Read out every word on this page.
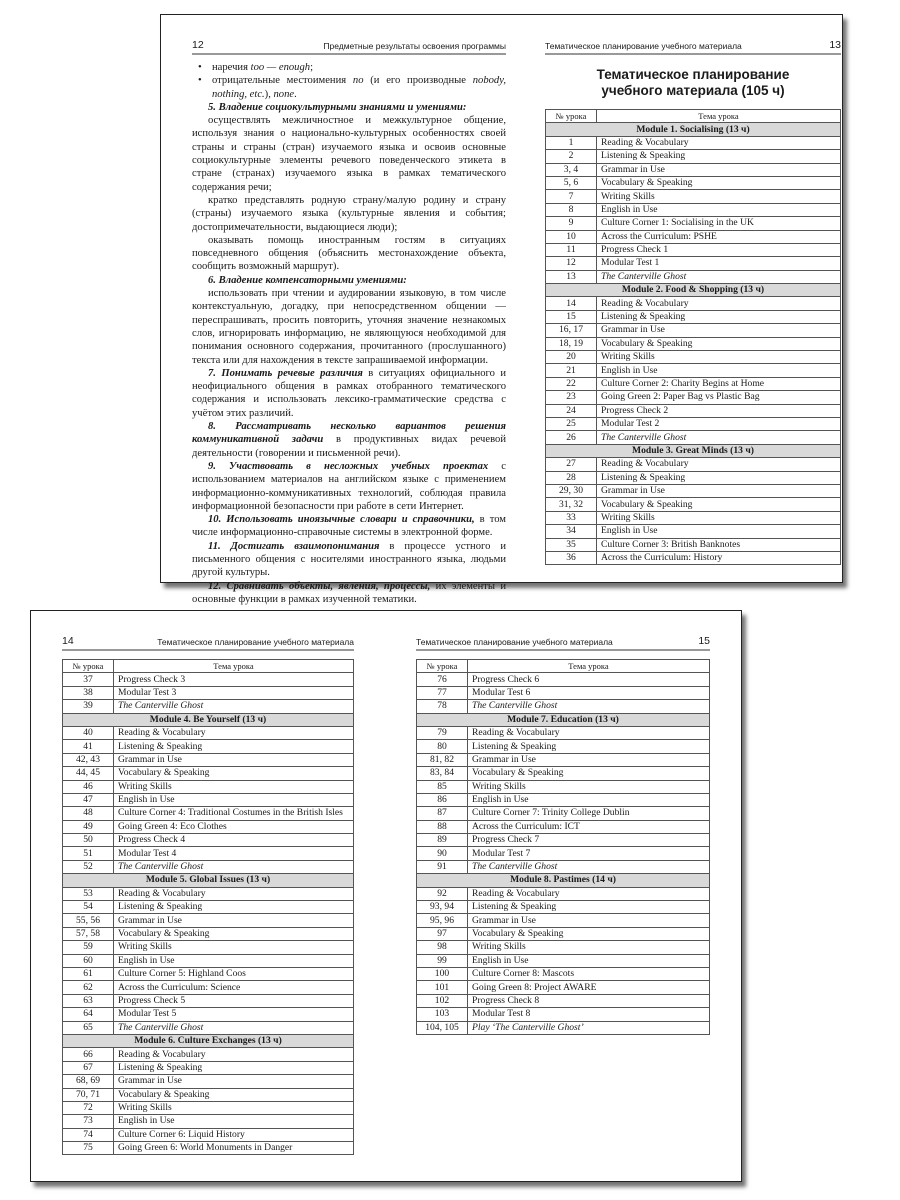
12	Предметные результаты освоения программы

• наречия too — enough;

• отрицательные местоимения no (и его производные nobody, nothing, etc.), none.

5. Владение социокультурными знаниями и умениями:

осуществлять межличностное и межкультурное общение, используя знания о национально-культурных особенностях своей страны и страны (стран) изучаемого языка и освоив основные социокультурные элементы речевого поведенческого этикета в стране (странах) изучаемого языка в рамках тематического содержания речи;

кратко представлять родную страну/малую родину и страну (страны) изучаемого языка (культурные явления и события; достопримечательности, выдающиеся люди);

оказывать помощь иностранным гостям в ситуациях повседневного общения (объяснить местонахождение объекта, сообщить возможный маршрут).

6. Владение компенсаторными умениями:

использовать при чтении и аудировании языковую, в том числе контекстуальную, догадку, при непосредственном общении — переспрашивать, просить повторить, уточняя значение незнакомых слов, игнорировать информацию, не являющуюся необходимой для понимания основного содержания, прочитанного (прослушанного) текста или для нахождения в тексте запрашиваемой информации.

7. Понимать речевые различия в ситуациях официального и неофициального общения в рамках отобранного тематического содержания и использовать лексико-грамматические средства с учётом этих различий.

8. Рассматривать несколько вариантов решения коммуникативной задачи в продуктивных видах речевой деятельности (говорении и письменной речи).

9. Участвовать в несложных учебных проектах с использованием материалов на английском языке с применением информационно-коммуникативных технологий, соблюдая правила информационной безопасности при работе в сети Интернет.

10. Использовать иноязычные словари и справочники, в том числе информационно-справочные системы в электронной форме.

11. Достигать взаимопонимания в процессе устного и письменного общения с носителями иностранного языка, людьми другой культуры.

12. Сравнивать объекты, явления, процессы, их элементы и основные функции в рамках изученной тематики.

Тематическое планирование учебного материала	13
Тематическое планирование
учебного материала (105 ч)
№ урока	Тема урока
Module 1. Socialising (13 ч)	
1	Reading & Vocabulary
2	Listening & Speaking
3, 4	Grammar in Use
5, 6	Vocabulary & Speaking
7	Writing Skills
8	English in Use
9	Culture Corner 1: Socialising in the UK
10	Across the Curriculum: PSHE
11	Progress Check 1
12	Modular Test 1
13	The Canterville Ghost
Module 2. Food & Shopping (13 ч)	
14	Reading & Vocabulary
15	Listening & Speaking
16, 17	Grammar in Use
18, 19	Vocabulary & Speaking
20	Writing Skills
21	English in Use
22	Culture Corner 2: Charity Begins at Home
23	Going Green 2: Paper Bag vs Plastic Bag
24	Progress Check 2
25	Modular Test 2
26	The Canterville Ghost
Module 3. Great Minds (13 ч)	
27	Reading & Vocabulary
28	Listening & Speaking
29, 30	Grammar in Use
31, 32	Vocabulary & Speaking
33	Writing Skills
34	English in Use
35	Culture Corner 3: British Banknotes
36	Across the Curriculum: History
14	Тематическое планирование учебного материала
№ урока	Тема урока
37	Progress Check 3
38	Modular Test 3
39	The Canterville Ghost
Module 4. Be Yourself (13 ч)	
40	Reading & Vocabulary
41	Listening & Speaking
42, 43	Grammar in Use
44, 45	Vocabulary & Speaking
46	Writing Skills
47	English in Use
48	Culture Corner 4: Traditional Costumes in the British Isles
49	Going Green 4: Eco Clothes
50	Progress Check 4
51	Modular Test 4
52	The Canterville Ghost
Module 5. Global Issues (13 ч)	
53	Reading & Vocabulary
54	Listening & Speaking
55, 56	Grammar in Use
57, 58	Vocabulary & Speaking
59	Writing Skills
60	English in Use
61	Culture Corner 5: Highland Coos
62	Across the Curriculum: Science
63	Progress Check 5
64	Modular Test 5
65	The Canterville Ghost
Module 6. Culture Exchanges (13 ч)	
66	Reading & Vocabulary
67	Listening & Speaking
68, 69	Grammar in Use
70, 71	Vocabulary & Speaking
72	Writing Skills
73	English in Use
74	Culture Corner 6: Liquid History
75	Going Green 6: World Monuments in Danger
Тематическое планирование учебного материала	15
№ урока	Тема урока
76	Progress Check 6
77	Modular Test 6
78	The Canterville Ghost
Module 7. Education (13 ч)	
79	Reading & Vocabulary
80	Listening & Speaking
81, 82	Grammar in Use
83, 84	Vocabulary & Speaking
85	Writing Skills
86	English in Use
87	Culture Corner 7: Trinity College Dublin
88	Across the Curriculum: ICT
89	Progress Check 7
90	Modular Test 7
91	The Canterville Ghost
Module 8. Pastimes (14 ч)	
92	Reading & Vocabulary
93, 94	Listening & Speaking
95, 96	Grammar in Use
97	Vocabulary & Speaking
98	Writing Skills
99	English in Use
100	Culture Corner 8: Mascots
101	Going Green 8: Project AWARE
102	Progress Check 8
103	Modular Test 8
104, 105	Play ‘The Canterville Ghost’
